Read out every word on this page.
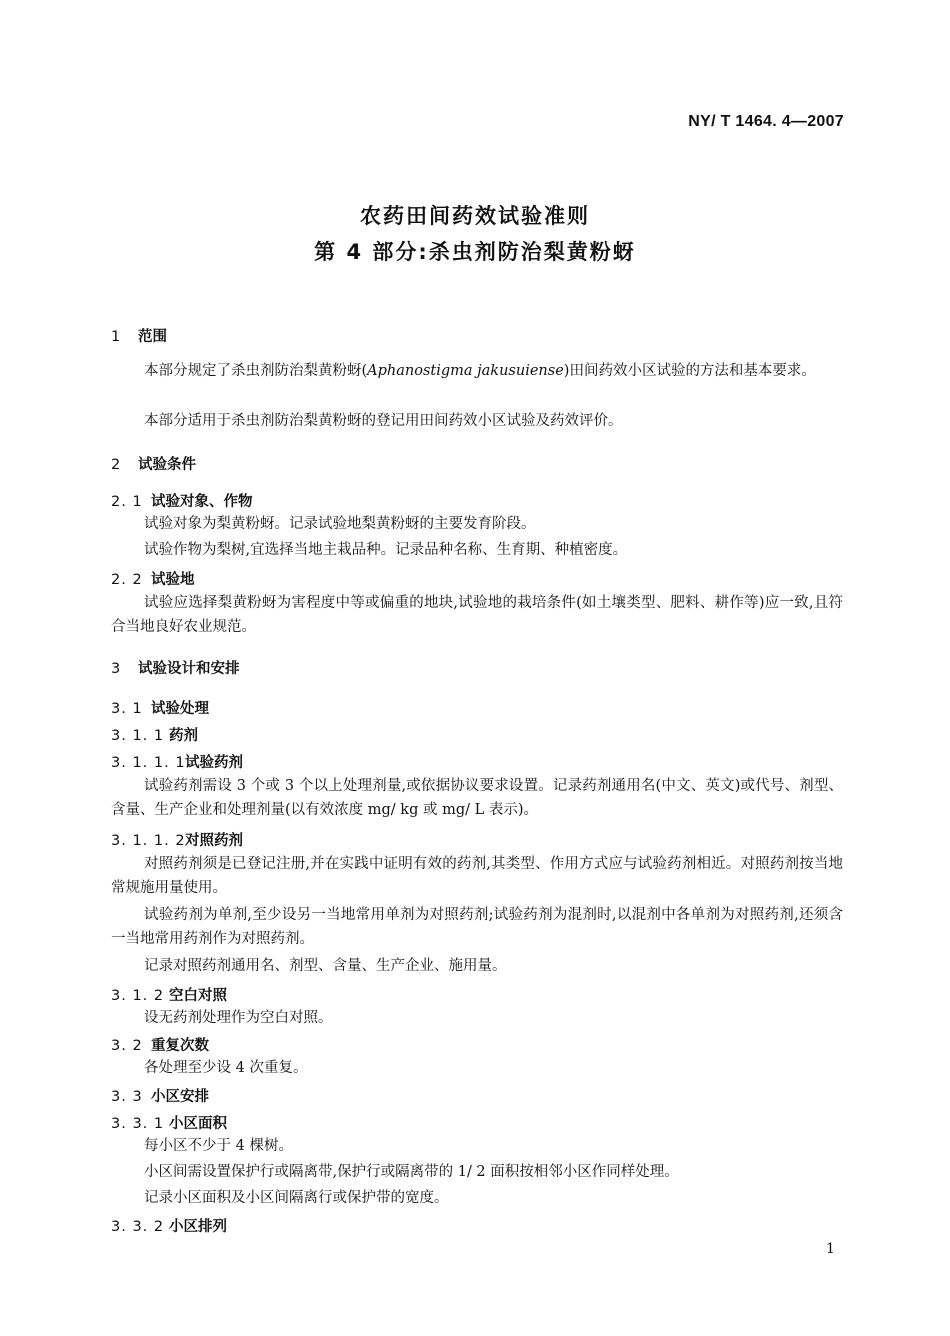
NY/ T 1464. 4—2007
农药田间药效试验准则
第 4 部分:杀虫剂防治梨黄粉蚜
1 范围
本部分规定了杀虫剂防治梨黄粉蚜(Aphanostigma jakusuiense)田间药效小区试验的方法和基本要求。
本部分适用于杀虫剂防治梨黄粉蚜的登记用田间药效小区试验及药效评价。
2 试验条件
2. 1 试验对象、作物
试验对象为梨黄粉蚜。记录试验地梨黄粉蚜的主要发育阶段。
试验作物为梨树,宜选择当地主栽品种。记录品种名称、生育期、种植密度。
2. 2 试验地
试验应选择梨黄粉蚜为害程度中等或偏重的地块,试验地的栽培条件(如土壤类型、肥料、耕作等)应一致,且符合当地良好农业规范。
3 试验设计和安排
3. 1 试验处理
3. 1. 1 药剂
3. 1. 1. 1试验药剂
试验药剂需设 3 个或 3 个以上处理剂量,或依据协议要求设置。记录药剂通用名(中文、英文)或代号、剂型、含量、生产企业和处理剂量(以有效浓度 mg/ kg 或 mg/ L 表示)。
3. 1. 1. 2对照药剂
对照药剂须是已登记注册,并在实践中证明有效的药剂,其类型、作用方式应与试验药剂相近。对照药剂按当地常规施用量使用。
试验药剂为单剂,至少设另一当地常用单剂为对照药剂;试验药剂为混剂时,以混剂中各单剂为对照药剂,还须含一当地常用药剂作为对照药剂。
记录对照药剂通用名、剂型、含量、生产企业、施用量。
3. 1. 2 空白对照
设无药剂处理作为空白对照。
3. 2 重复次数
各处理至少设 4 次重复。
3. 3 小区安排
3. 3. 1 小区面积
每小区不少于 4 棵树。
小区间需设置保护行或隔离带,保护行或隔离带的 1/ 2 面积按相邻小区作同样处理。
记录小区面积及小区间隔离行或保护带的宽度。
3. 3. 2 小区排列
1
